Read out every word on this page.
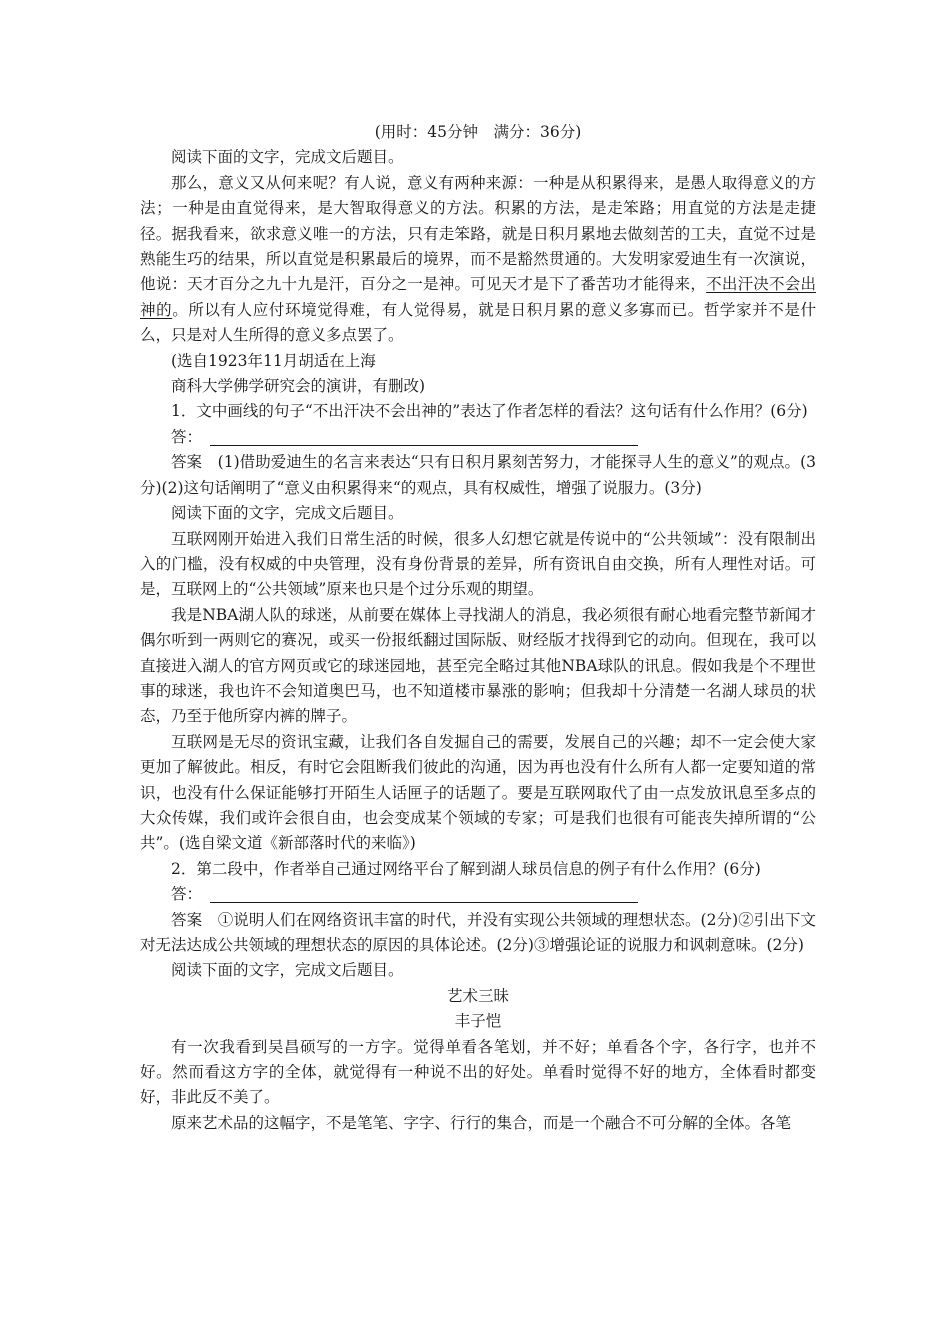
(用时：45分钟　满分：36分)

阅读下面的文字，完成文后题目。

那么，意义又从何来呢？有人说，意义有两种来源：一种是从积累得来，是愚人取得意义的方法；一种是由直觉得来，是大智取得意义的方法。积累的方法，是走笨路；用直觉的方法是走捷径。据我看来，欲求意义唯一的方法，只有走笨路，就是日积月累地去做刻苦的工夫，直觉不过是熟能生巧的结果，所以直觉是积累最后的境界，而不是豁然贯通的。大发明家爱迪生有一次演说，他说：天才百分之九十九是汗，百分之一是神。可见天才是下了番苦功才能得来，不出汗决不会出神的。所以有人应付环境觉得难，有人觉得易，就是日积月累的意义多寡而已。哲学家并不是什么，只是对人生所得的意义多点罢了。

(选自1923年11月胡适在上海

商科大学佛学研究会的演讲，有删改)

1．文中画线的句子“不出汗决不会出神的”表达了作者怎样的看法？这句话有什么作用？(6分)

答：

答案　(1)借助爱迪生的名言来表达“只有日积月累刻苦努力，才能探寻人生的意义”的观点。(3分)(2)这句话阐明了“意义由积累得来“的观点，具有权威性，增强了说服力。(3分)

阅读下面的文字，完成文后题目。

互联网刚开始进入我们日常生活的时候，很多人幻想它就是传说中的“公共领域”：没有限制出入的门槛，没有权威的中央管理，没有身份背景的差异，所有资讯自由交换，所有人理性对话。可是，互联网上的“公共领域”原来也只是个过分乐观的期望。

我是NBA湖人队的球迷，从前要在媒体上寻找湖人的消息，我必须很有耐心地看完整节新闻才偶尔听到一两则它的赛况，或买一份报纸翻过国际版、财经版才找得到它的动向。但现在，我可以直接进入湖人的官方网页或它的球迷园地，甚至完全略过其他NBA球队的讯息。假如我是个不理世事的球迷，我也许不会知道奥巴马，也不知道楼市暴涨的影响；但我却十分清楚一名湖人球员的状态，乃至于他所穿内裤的牌子。

互联网是无尽的资讯宝藏，让我们各自发掘自己的需要，发展自己的兴趣；却不一定会使大家更加了解彼此。相反，有时它会阻断我们彼此的沟通，因为再也没有什么所有人都一定要知道的常识，也没有什么保证能够打开陌生人话匣子的话题了。要是互联网取代了由一点发放讯息至多点的大众传媒，我们或许会很自由，也会变成某个领域的专家；可是我们也很有可能丧失掉所谓的“公共”。(选自梁文道《新部落时代的来临》)

2．第二段中，作者举自己通过网络平台了解到湖人球员信息的例子有什么作用？(6分)

答：

答案　①说明人们在网络资讯丰富的时代，并没有实现公共领域的理想状态。(2分)②引出下文对无法达成公共领域的理想状态的原因的具体论述。(2分)③增强论证的说服力和讽刺意味。(2分)

阅读下面的文字，完成文后题目。

艺术三昧

丰子恺

有一次我看到吴昌硕写的一方字。觉得单看各笔划，并不好；单看各个字，各行字，也并不好。然而看这方字的全体，就觉得有一种说不出的好处。单看时觉得不好的地方，全体看时都变好，非此反不美了。

原来艺术品的这幅字，不是笔笔、字字、行行的集合，而是一个融合不可分解的全体。各笔
